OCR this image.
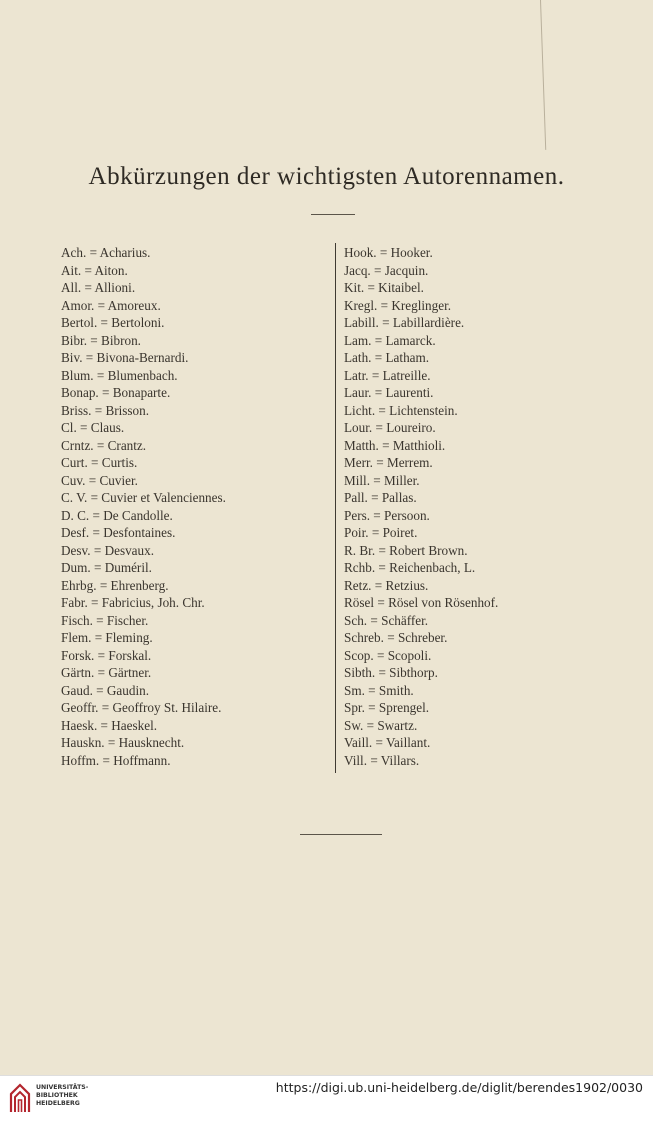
Abkürzungen der wichtigsten Autorennamen.
Ach. = Acharius.
Ait. = Aiton.
All. = Allioni.
Amor. = Amoreux.
Bertol. = Bertoloni.
Bibr. = Bibron.
Biv. = Bivona-Bernardi.
Blum. = Blumenbach.
Bonap. = Bonaparte.
Briss. = Brisson.
Cl. = Claus.
Crntz. = Crantz.
Curt. = Curtis.
Cuv. = Cuvier.
C. V. = Cuvier et Valenciennes.
D. C. = De Candolle.
Desf. = Desfontaines.
Desv. = Desvaux.
Dum. = Duméril.
Ehrbg. = Ehrenberg.
Fabr. = Fabricius, Joh. Chr.
Fisch. = Fischer.
Flem. = Fleming.
Forsk. = Forskal.
Gärtn. = Gärtner.
Gaud. = Gaudin.
Geoffr. = Geoffroy St. Hilaire.
Haesk. = Haeskel.
Hauskn. = Hausknecht.
Hoffm. = Hoffmann.
Hook. = Hooker.
Jacq. = Jacquin.
Kit. = Kitaibel.
Kregl. = Kreglinger.
Labill. = Labillardière.
Lam. = Lamarck.
Lath. = Latham.
Latr. = Latreille.
Laur. = Laurenti.
Licht. = Lichtenstein.
Lour. = Loureiro.
Matth. = Matthioli.
Merr. = Merrem.
Mill. = Miller.
Pall. = Pallas.
Pers. = Persoon.
Poir. = Poiret.
R. Br. = Robert Brown.
Rchb. = Reichenbach, L.
Retz. = Retzius.
Rösel = Rösel von Rösenhof.
Sch. = Schäffer.
Schreb. = Schreber.
Scop. = Scopoli.
Sibth. = Sibthorp.
Sm. = Smith.
Spr. = Sprengel.
Sw. = Swartz.
Vaill. = Vaillant.
Vill. = Villars.
UNIVERSITÄTS-
BIBLIOTHEK
HEIDELBERG
https://digi.ub.uni-heidelberg.de/diglit/berendes1902/0030
